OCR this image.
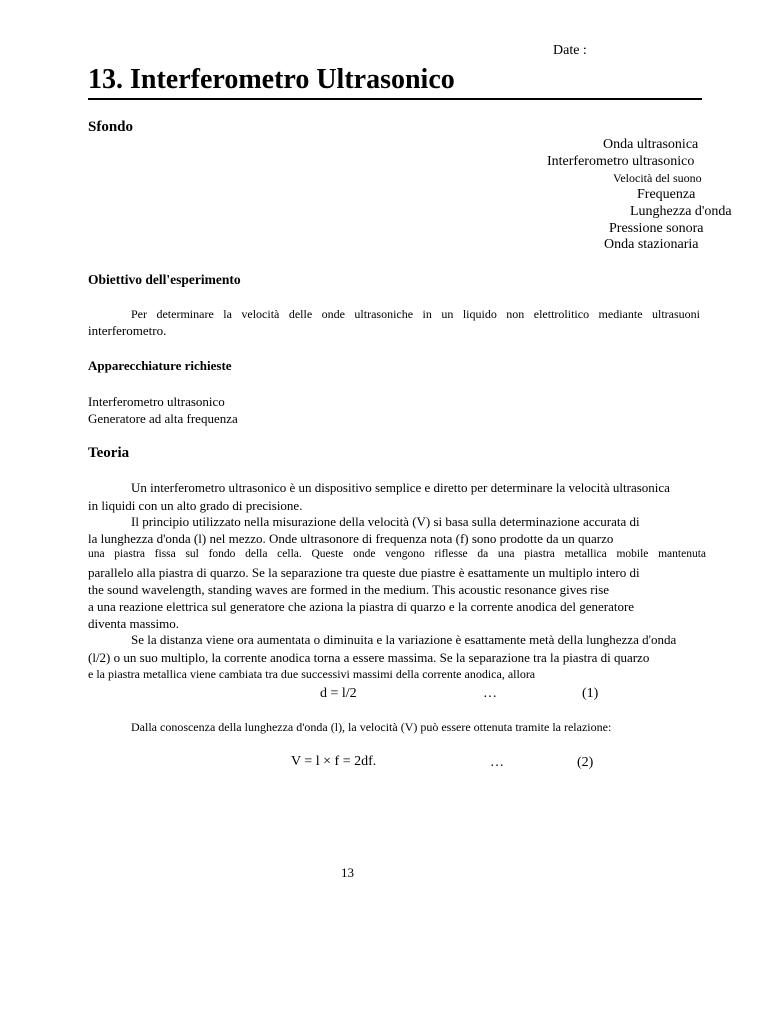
Date :
13. Interferometro Ultrasonico
Sfondo
Onda ultrasonica
Interferometro ultrasonico
Velocità del suono
Frequenza
Lunghezza d'onda
Pressione sonora
Onda stazionaria
Obiettivo dell'esperimento
Per determinare la velocità delle onde ultrasoniche in un liquido non elettrolitico mediante ultrasuoni
interferometro.
Apparecchiature richieste
Interferometro ultrasonico
Generatore ad alta frequenza
Teoria
Un interferometro ultrasonico è un dispositivo semplice e diretto per determinare la velocità ultrasonica
in liquidi con un alto grado di precisione.
Il principio utilizzato nella misurazione della velocità (V) si basa sulla determinazione accurata di
la lunghezza d'onda (l) nel mezzo. Onde ultrasonore di frequenza nota (f) sono prodotte da un quarzo
una piastra fissa sul fondo della cella. Queste onde vengono riflesse da una piastra metallica mobile mantenuta
parallelo alla piastra di quarzo. Se la separazione tra queste due piastre è esattamente un multiplo intero di
the sound wavelength, standing waves are formed in the medium. This acoustic resonance gives rise
a una reazione elettrica sul generatore che aziona la piastra di quarzo e la corrente anodica del generatore
diventa massimo.
Se la distanza viene ora aumentata o diminuita e la variazione è esattamente metà della lunghezza d'onda
(l/2) o un suo multiplo, la corrente anodica torna a essere massima. Se la separazione tra la piastra di quarzo
e la piastra metallica viene cambiata tra due successivi massimi della corrente anodica, allora
d = l/2	…	(1)
Dalla conoscenza della lunghezza d'onda (l), la velocità (V) può essere ottenuta tramite la relazione:
V = l × f = 2df.	…	(2)
13
